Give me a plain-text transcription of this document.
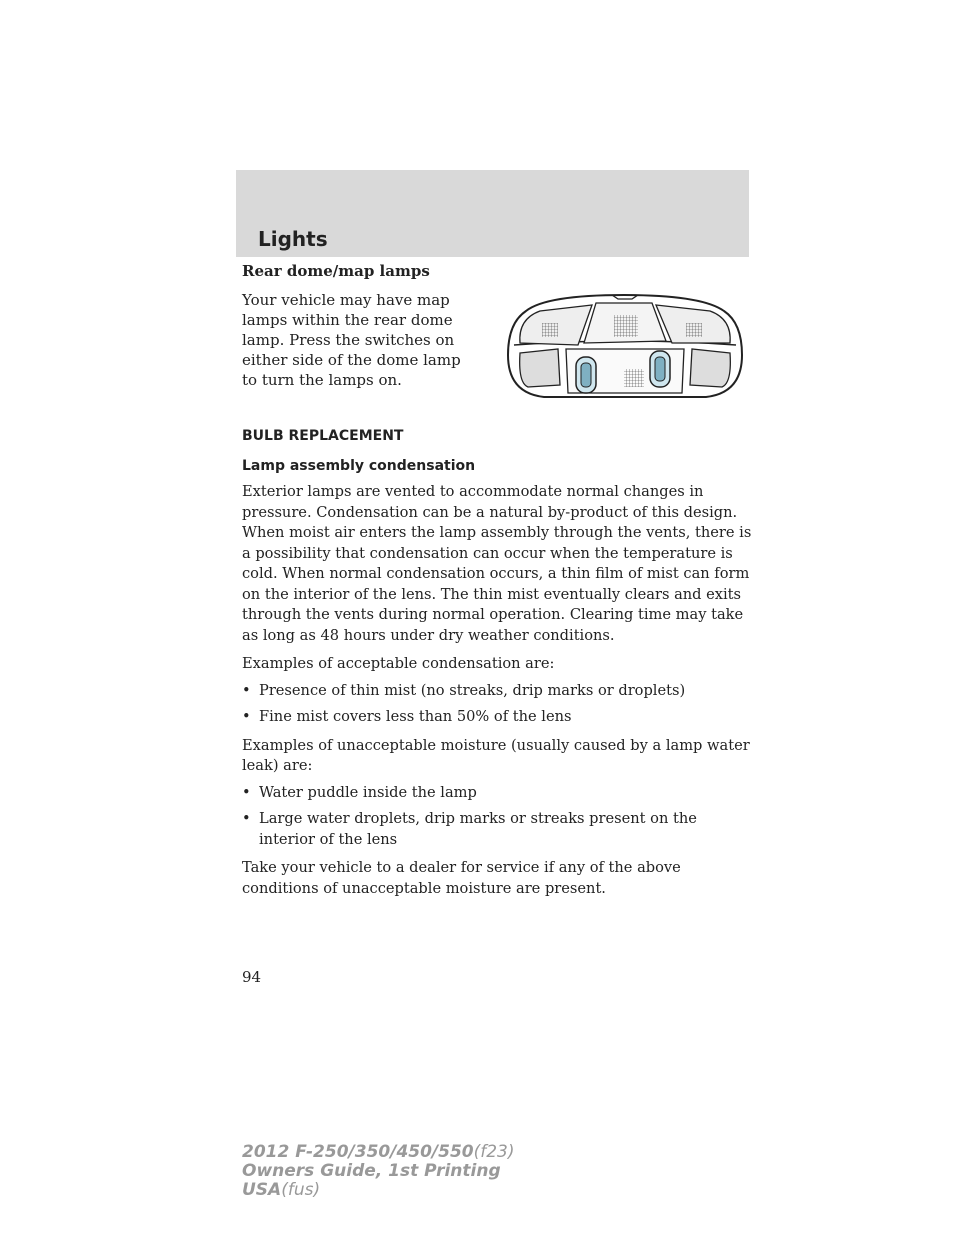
Lights
Rear dome/map lamps

Your vehicle may have map lamps within the rear dome lamp. Press the switches on either side of the dome lamp to turn the lamps on.

BULB REPLACEMENT
Lamp assembly condensation

Exterior lamps are vented to accommodate normal changes in pressure. Condensation can be a natural by-product of this design. When moist air enters the lamp assembly through the vents, there is a possibility that condensation can occur when the temperature is cold. When normal condensation occurs, a thin film of mist can form on the interior of the lens. The thin mist eventually clears and exits through the vents during normal operation. Clearing time may take as long as 48 hours under dry weather conditions.

Examples of acceptable condensation are:

• Presence of thin mist (no streaks, drip marks or droplets)
• Fine mist covers less than 50% of the lens

Examples of unacceptable moisture (usually caused by a lamp water leak) are:

• Water puddle inside the lamp
• Large water droplets, drip marks or streaks present on the interior of the lens

Take your vehicle to a dealer for service if any of the above conditions of unacceptable moisture are present.

94
2012 F-250/350/450/550(f23)
Owners Guide, 1st Printing
USA(fus)
